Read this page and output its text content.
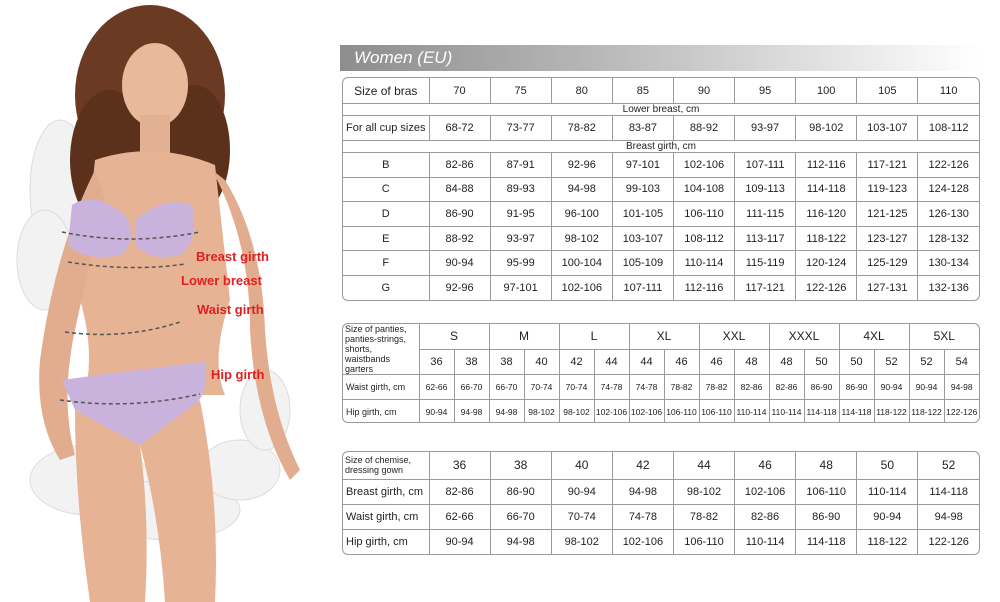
Breast girth
Lower breast
Waist girth
Hip girth
Women (EU)
Size of bras	70	75	80	85	90	95	100	105	110
Lower breast, cm									
For all cup sizes	68-72	73-77	78-82	83-87	88-92	93-97	98-102	103-107	108-112
Breast girth, cm									
B	82-86	87-91	92-96	97-101	102-106	107-111	112-116	117-121	122-126
C	84-88	89-93	94-98	99-103	104-108	109-113	114-118	119-123	124-128
D	86-90	91-95	96-100	101-105	106-110	111-115	116-120	121-125	126-130
E	88-92	93-97	98-102	103-107	108-112	113-117	118-122	123-127	128-132
F	90-94	95-99	100-104	105-109	110-114	115-119	120-124	125-129	130-134
G	92-96	97-101	102-106	107-111	112-116	117-121	122-126	127-131	132-136
Size of panties, panties-strings, shorts, waistbands garters	S		M		L		XL		XXL		XXXL		4XL		5XL	
	36	38	38	40	42	44	44	46	46	48	48	50	50	52	52	54
Waist girth, cm	62-66	66-70	66-70	70-74	70-74	74-78	74-78	78-82	78-82	82-86	82-86	86-90	86-90	90-94	90-94	94-98
Hip girth, cm	90-94	94-98	94-98	98-102	98-102	102-106	102-106	106-110	106-110	110-114	110-114	114-118	114-118	118-122	118-122	122-126
Size of chemise, dressing gown	36	38	40	42	44	46	48	50	52
Breast girth, cm	82-86	86-90	90-94	94-98	98-102	102-106	106-110	110-114	114-118
Waist girth, cm	62-66	66-70	70-74	74-78	78-82	82-86	86-90	90-94	94-98
Hip girth, cm	90-94	94-98	98-102	102-106	106-110	110-114	114-118	118-122	122-126
